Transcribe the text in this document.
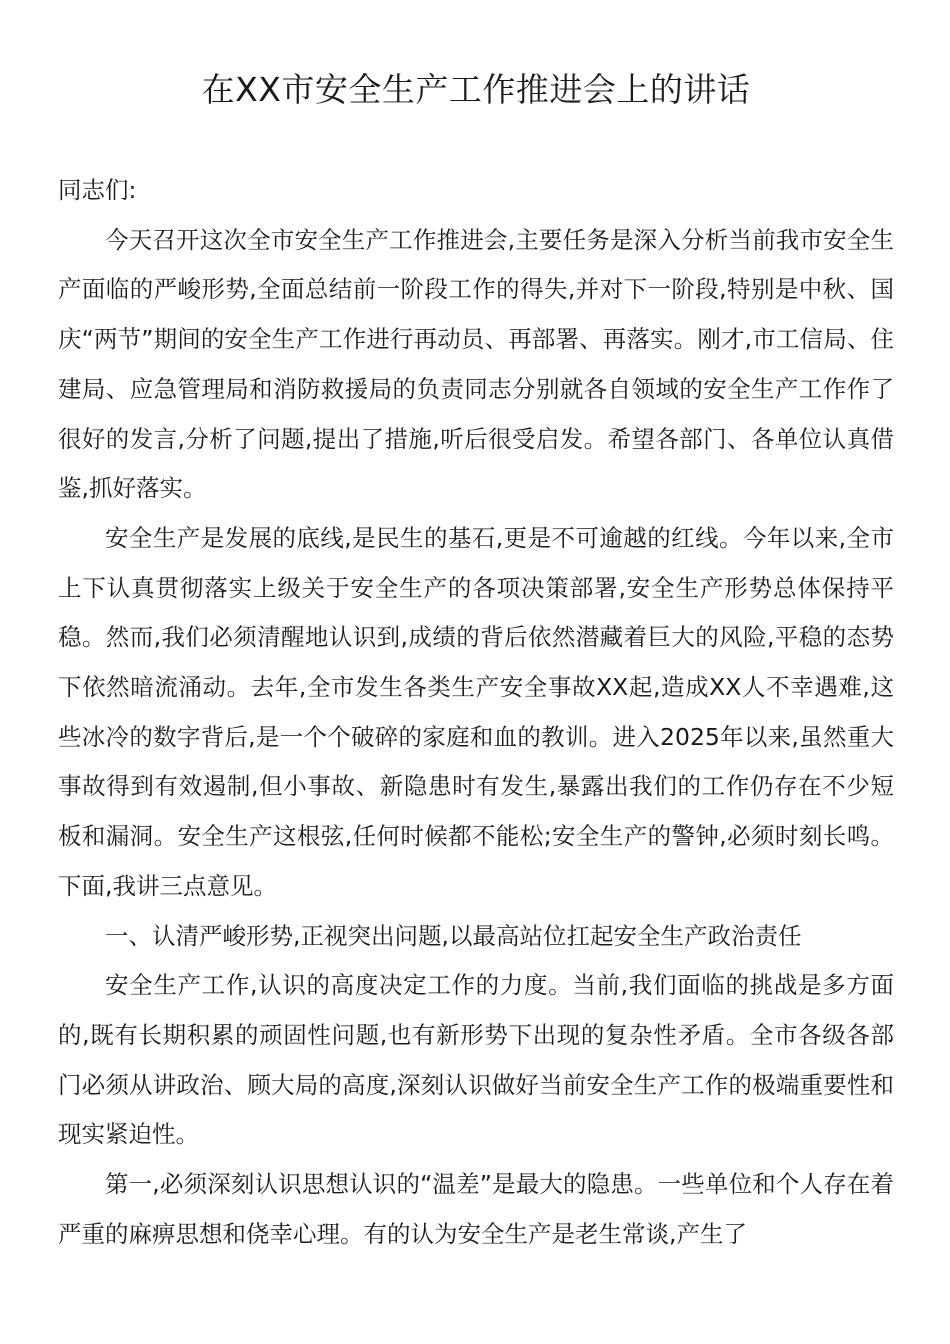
在XX市安全生产工作推进会上的讲话

同志们:

今天召开这次全市安全生产工作推进会,主要任务是深入分析当前我市安全生产面临的严峻形势,全面总结前一阶段工作的得失,并对下一阶段,特别是中秋、国庆“两节”期间的安全生产工作进行再动员、再部署、再落实。刚才,市工信局、住建局、应急管理局和消防救援局的负责同志分别就各自领域的安全生产工作作了很好的发言,分析了问题,提出了措施,听后很受启发。希望各部门、各单位认真借鉴,抓好落实。

安全生产是发展的底线,是民生的基石,更是不可逾越的红线。今年以来,全市上下认真贯彻落实上级关于安全生产的各项决策部署,安全生产形势总体保持平稳。然而,我们必须清醒地认识到,成绩的背后依然潜藏着巨大的风险,平稳的态势下依然暗流涌动。去年,全市发生各类生产安全事故XX起,造成XX人不幸遇难,这些冰冷的数字背后,是一个个破碎的家庭和血的教训。进入2025年以来,虽然重大事故得到有效遏制,但小事故、新隐患时有发生,暴露出我们的工作仍存在不少短板和漏洞。安全生产这根弦,任何时候都不能松;安全生产的警钟,必须时刻长鸣。下面,我讲三点意见。

一、认清严峻形势,正视突出问题,以最高站位扛起安全生产政治责任

安全生产工作,认识的高度决定工作的力度。当前,我们面临的挑战是多方面的,既有长期积累的顽固性问题,也有新形势下出现的复杂性矛盾。全市各级各部门必须从讲政治、顾大局的高度,深刻认识做好当前安全生产工作的极端重要性和现实紧迫性。

第一,必须深刻认识思想认识的“温差”是最大的隐患。一些单位和个人存在着严重的麻痹思想和侥幸心理。有的认为安全生产是老生常谈,产生了
